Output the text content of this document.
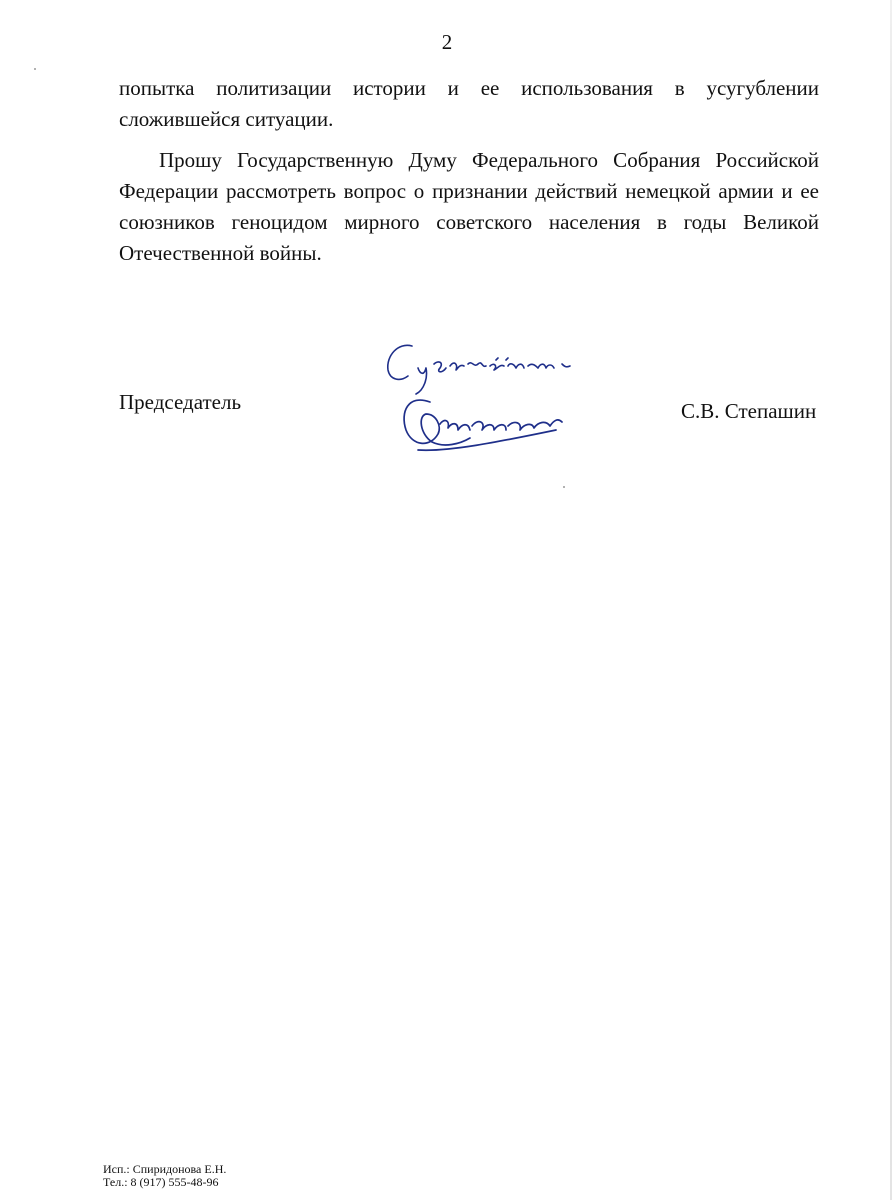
2

попытка политизации истории и ее использования в усугублении сложившейся ситуации.

Прошу Государственную Думу Федерального Собрания Российской Федерации рассмотреть вопрос о признании действий немецкой армии и ее союзников геноцидом мирного советского населения в годы Великой Отечественной войны.

Председатель	С.В. Степашин
Исп.: Спиридонова Е.Н.
Тел.: 8 (917) 555-48-96
